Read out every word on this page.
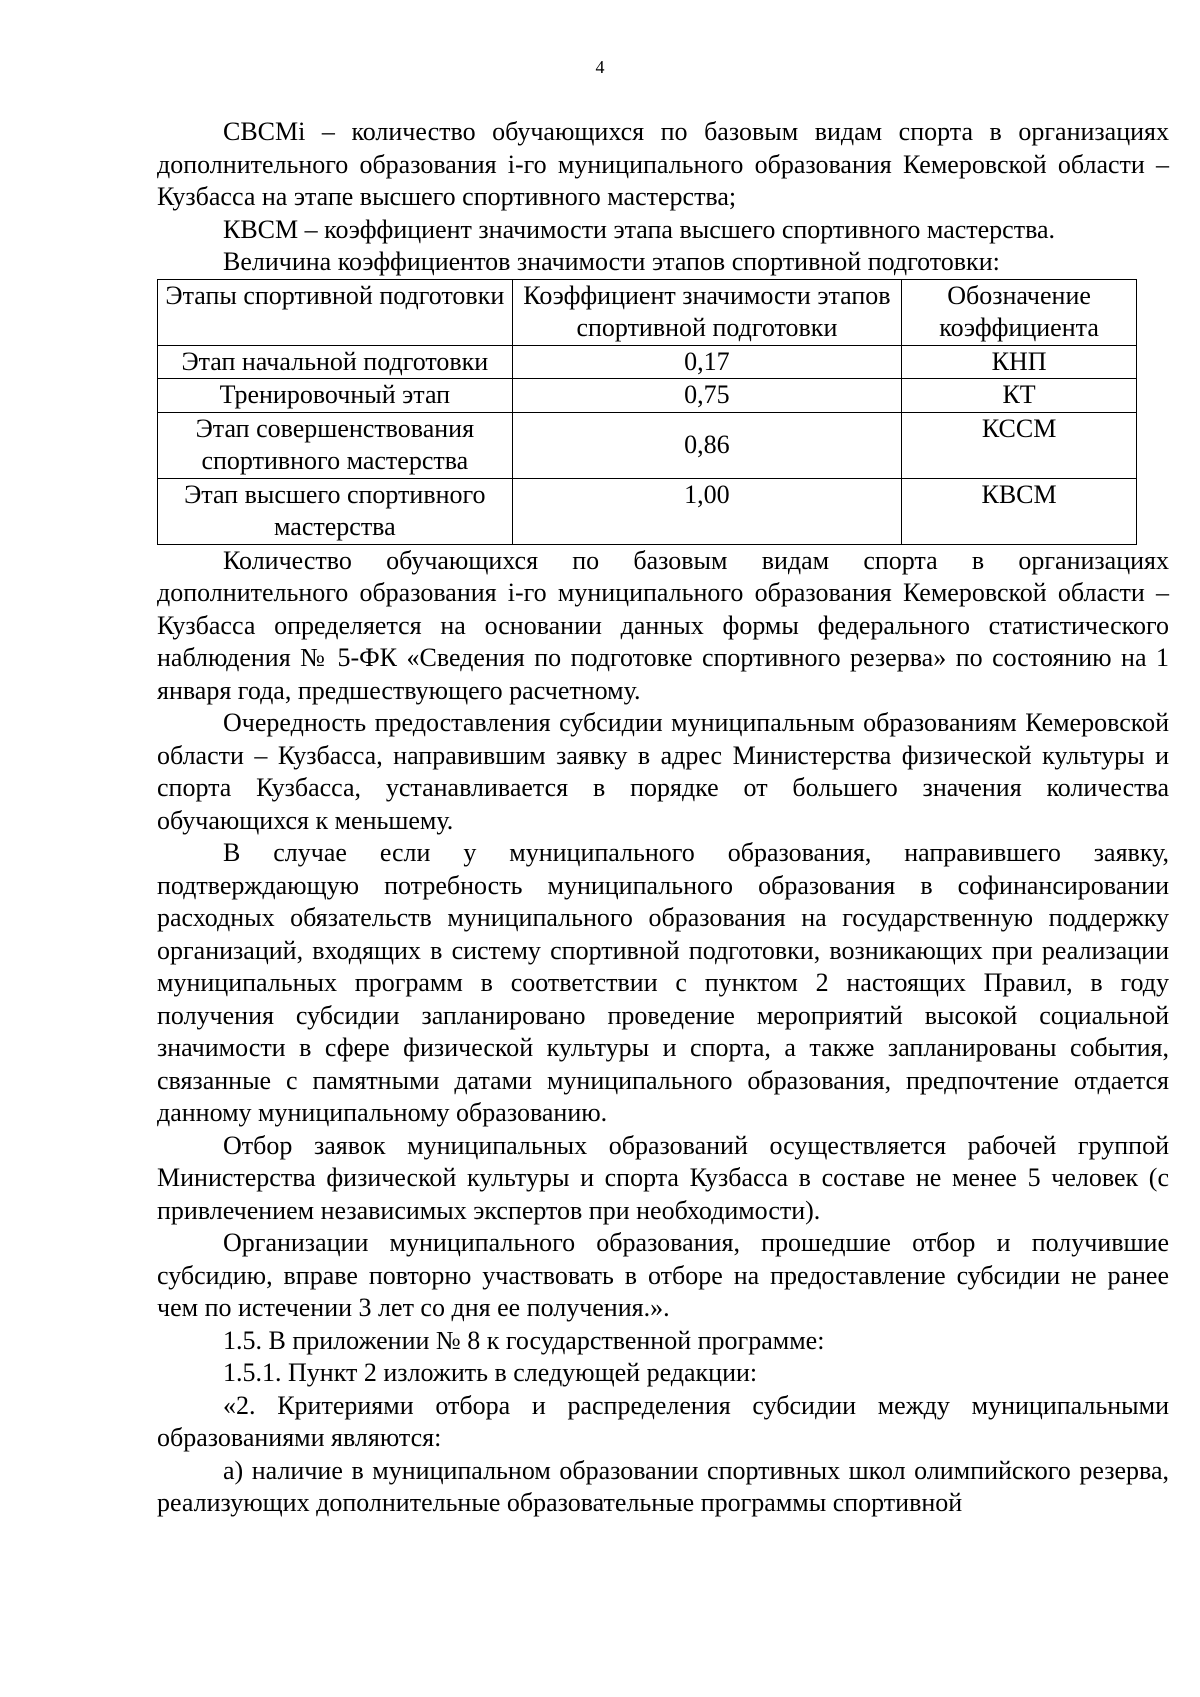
4

СВСМi – количество обучающихся по базовым видам спорта в организациях дополнительного образования i-го муниципального образования Кемеровской области – Кузбасса на этапе высшего спортивного мастерства;

КВСМ – коэффициент значимости этапа высшего спортивного мастерства.

Величина коэффициентов значимости этапов спортивной подготовки:

Этапы спортивной подготовки	Коэффициент значимости этапов спортивной подготовки	Обозначение коэффициента
Этап начальной подготовки	0,17	КНП
Тренировочный этап	0,75	КТ
Этап совершенствования спортивного мастерства	0,86	КССМ
Этап высшего спортивного мастерства	1,00	КВСМ

Количество обучающихся по базовым видам спорта в организациях дополнительного образования i-го муниципального образования Кемеровской области – Кузбасса определяется на основании данных формы федерального статистического наблюдения № 5-ФК «Сведения по подготовке спортивного резерва» по состоянию на 1 января года, предшествующего расчетному.

Очередность предоставления субсидии муниципальным образованиям Кемеровской области – Кузбасса, направившим заявку в адрес Министерства физической культуры и спорта Кузбасса, устанавливается в порядке от большего значения количества обучающихся к меньшему.

В случае если у муниципального образования, направившего заявку, подтверждающую потребность муниципального образования в софинансировании расходных обязательств муниципального образования на государственную поддержку организаций, входящих в систему спортивной подготовки, возникающих при реализации муниципальных программ в соответствии с пунктом 2 настоящих Правил, в году получения субсидии запланировано проведение мероприятий высокой социальной значимости в сфере физической культуры и спорта, а также запланированы события, связанные с памятными датами муниципального образования, предпочтение отдается данному муниципальному образованию.

Отбор заявок муниципальных образований осуществляется рабочей группой Министерства физической культуры и спорта Кузбасса в составе не менее 5 человек (с привлечением независимых экспертов при необходимости).

Организации муниципального образования, прошедшие отбор и получившие субсидию, вправе повторно участвовать в отборе на предоставление субсидии не ранее чем по истечении 3 лет со дня ее получения.».

1.5. В приложении № 8 к государственной программе:

1.5.1. Пункт 2 изложить в следующей редакции:

«2. Критериями отбора и распределения субсидии между муниципальными образованиями являются:

а) наличие в муниципальном образовании спортивных школ олимпийского резерва, реализующих дополнительные образовательные программы спортивной
